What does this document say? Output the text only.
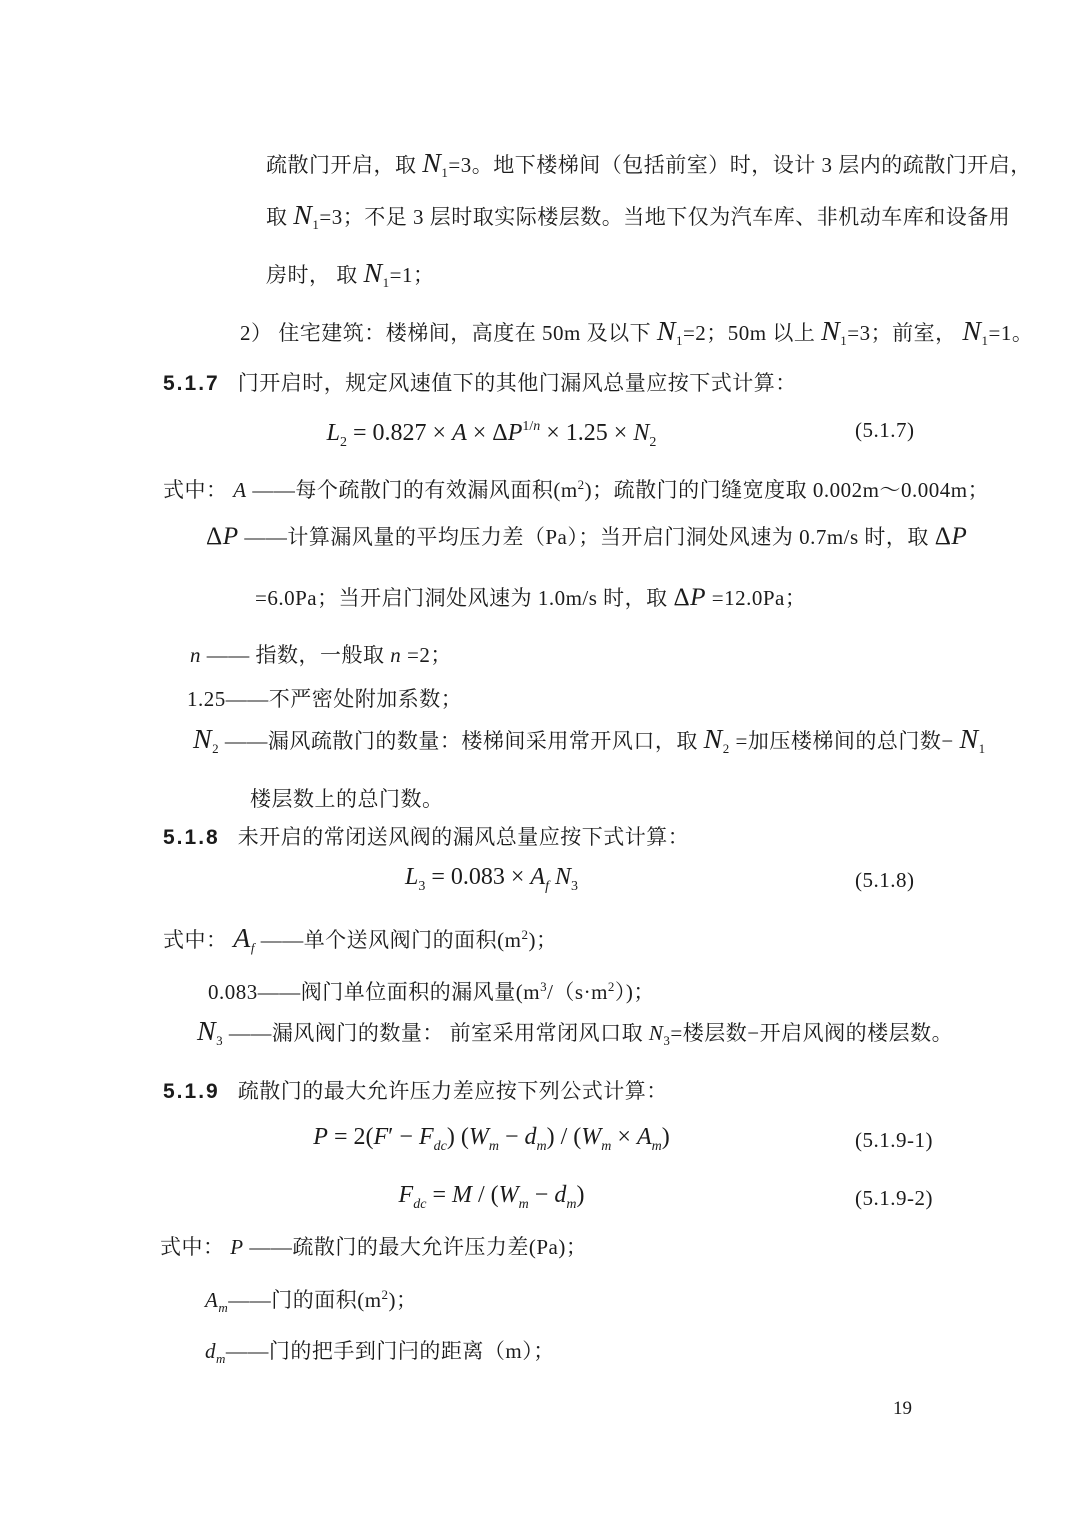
疏散门开启，取 $N_1=3$。地下楼梯间（包括前室）时，设计 3 层内的疏散门开启，
取 $N_1=3$；不足 3 层时取实际楼层数。当地下仅为汽车库、非机动车库和设备用
房时， 取 $N_1=1$；
2） 住宅建筑：楼梯间，高度在 50m 及以下 $N_1=2$；50m 以上 $N_1=3$；前室， $N_1=1$。
5.1.7 门开启时，规定风速值下的其他门漏风总量应按下式计算：
$L_2 = 0.827 \times A \times \Delta P^{1/n} \times 1.25 \times N_2$
(5.1.7)
式中： A ——每个疏散门的有效漏风面积$(m^2)$；疏散门的门缝宽度取 0.002m～0.004m；
ΔP ——计算漏风量的平均压力差（Pa）；当开启门洞处风速为 0.7m/s 时，取 ΔP
=6.0Pa；当开启门洞处风速为 1.0m/s 时，取 ΔP =12.0Pa；
n —— 指数，一般取 n =2；
1.25——不严密处附加系数；
$N_2$ ——漏风疏散门的数量：楼梯间采用常开风口，取 $N_2$ =加压楼梯间的总门数− $N_1$
楼层数上的总门数。
5.1.8 未开启的常闭送风阀的漏风总量应按下式计算：
$L_3 = 0.083 \times A_f$ $N_3$	(5.1.8)
式中： $A_f$ ——单个送风阀门的面积$(m^2)$；
0.083——阀门单位面积的漏风量$(m^3/(s\cdot m^2))$；
$N_3$ ——漏风阀门的数量： 前室采用常闭风口取 $N_3=$楼层数−开启风阀的楼层数。
5.1.9 疏散门的最大允许压力差应按下列公式计算：
$P = 2(F' - F_{dc})$ $(W_m - d_m) / (W_m \times A_m)$	(5.1.9-1)
$F_{dc} = M / (W_m - d_m)$	(5.1.9-2)
式中： P ——疏散门的最大允许压力差(Pa)；
$A_m——$门的面积$(m^2)$；
$d_m——$门的把手到门闩的距离（m）；
19
